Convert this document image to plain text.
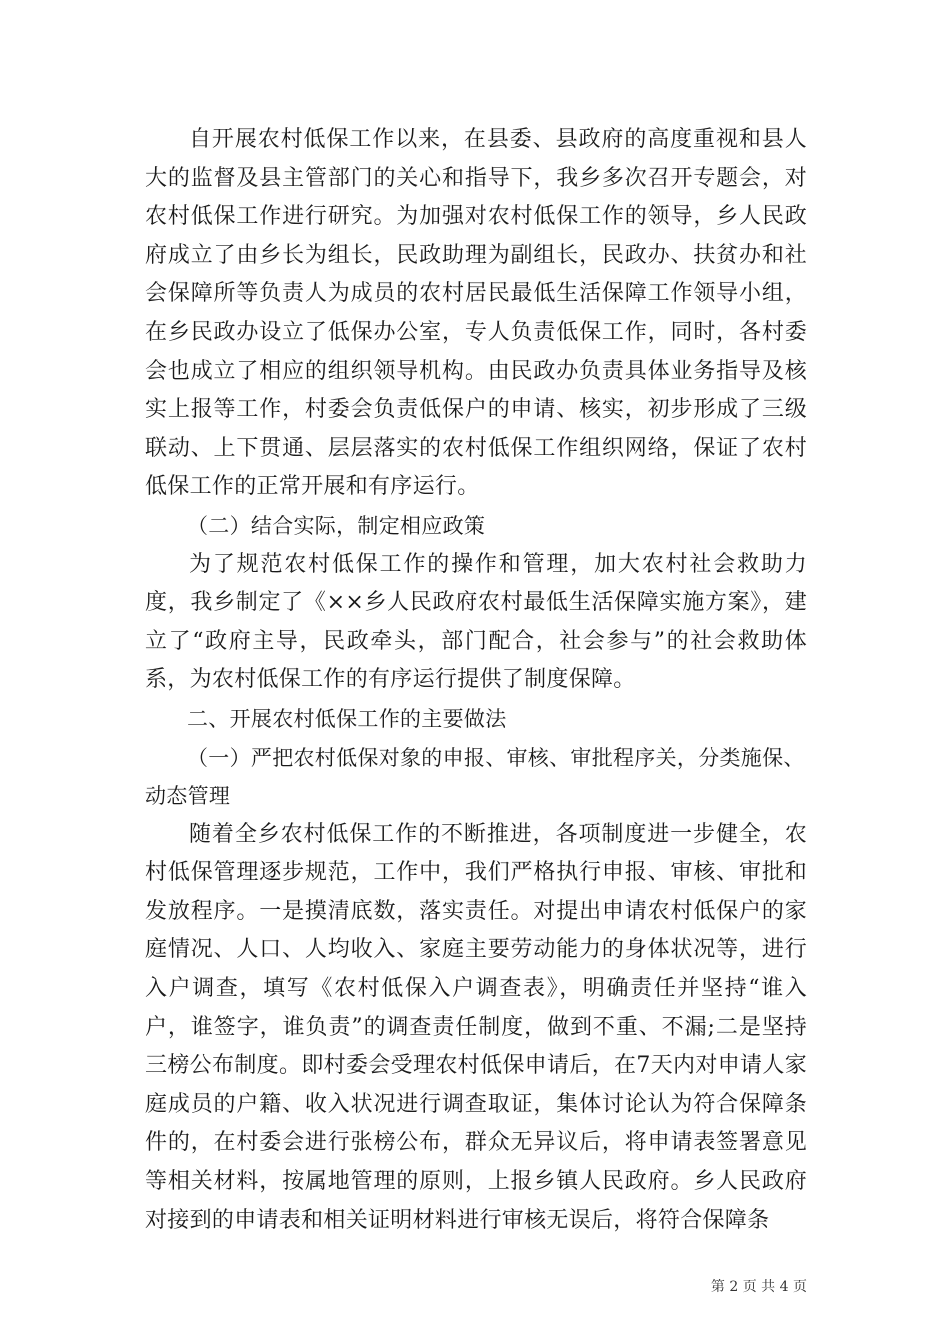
自开展农村低保工作以来，在县委、县政府的高度重视和县人大的监督及县主管部门的关心和指导下，我乡多次召开专题会，对农村低保工作进行研究。为加强对农村低保工作的领导，乡人民政府成立了由乡长为组长，民政助理为副组长，民政办、扶贫办和社会保障所等负责人为成员的农村居民最低生活保障工作领导小组，在乡民政办设立了低保办公室，专人负责低保工作，同时，各村委会也成立了相应的组织领导机构。由民政办负责具体业务指导及核实上报等工作，村委会负责低保户的申请、核实，初步形成了三级联动、上下贯通、层层落实的农村低保工作组织网络，保证了农村低保工作的正常开展和有序运行。

（二）结合实际，制定相应政策

为了规范农村低保工作的操作和管理，加大农村社会救助力度，我乡制定了《××乡人民政府农村最低生活保障实施方案》，建立了“政府主导，民政牵头，部门配合，社会参与”的社会救助体系，为农村低保工作的有序运行提供了制度保障。

二、开展农村低保工作的主要做法

（一）严把农村低保对象的申报、审核、审批程序关，分类施保、动态管理

随着全乡农村低保工作的不断推进，各项制度进一步健全，农村低保管理逐步规范，工作中，我们严格执行申报、审核、审批和发放程序。一是摸清底数，落实责任。对提出申请农村低保户的家庭情况、人口、人均收入、家庭主要劳动能力的身体状况等，进行入户调查，填写《农村低保入户调查表》，明确责任并坚持“谁入户，谁签字，谁负责”的调查责任制度，做到不重、不漏;二是坚持三榜公布制度。即村委会受理农村低保申请后，在7天内对申请人家庭成员的户籍、收入状况进行调查取证，集体讨论认为符合保障条件的，在村委会进行张榜公布，群众无异议后，将申请表签署意见等相关材料，按属地管理的原则，上报乡镇人民政府。乡人民政府对接到的申请表和相关证明材料进行审核无误后，将符合保障条

第 2 页 共 4 页
